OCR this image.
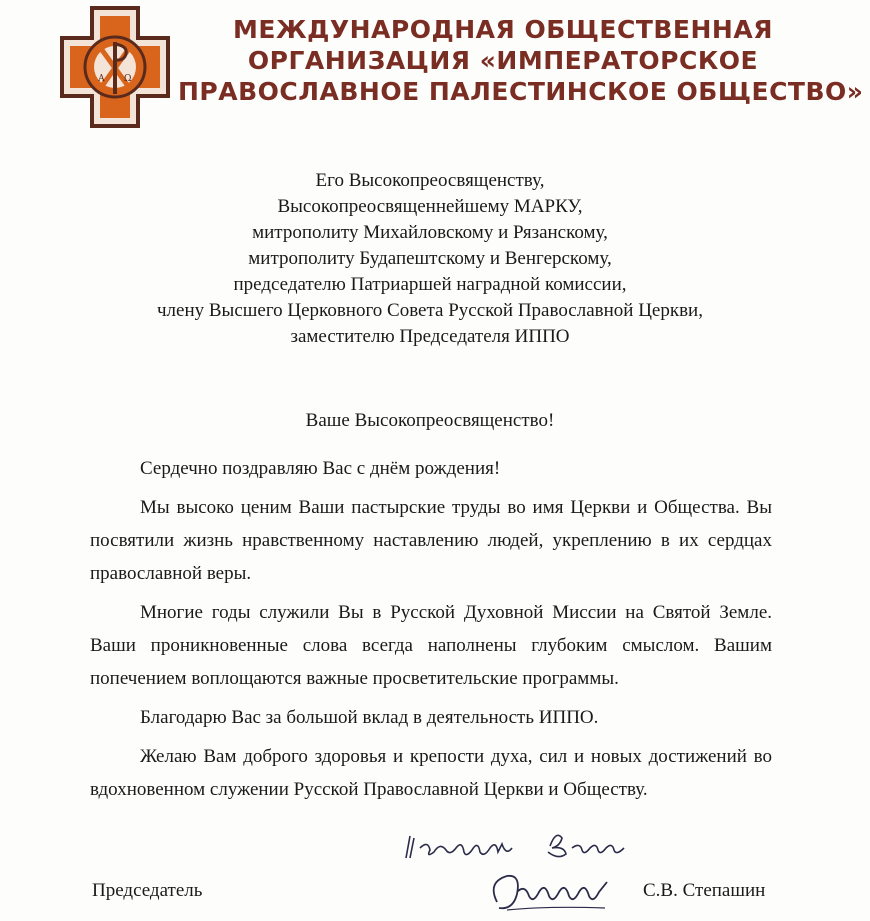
А Ω
МЕЖДУНАРОДНАЯ ОБЩЕСТВЕННАЯ
ОРГАНИЗАЦИЯ «ИМПЕРАТОРСКОЕ
ПРАВОСЛАВНОЕ ПАЛЕСТИНСКОЕ ОБЩЕСТВО»
Его Высокопреосвященству,
Высокопреосвященнейшему МАРКУ,
митрополиту Михайловскому и Рязанскому,
митрополиту Будапештскому и Венгерскому,
председателю Патриаршей наградной комиссии,
члену Высшего Церковного Совета Русской Православной Церкви,
заместителю Председателя ИППО
Ваше Высокопреосвященство!

Сердечно поздравляю Вас с днём рождения!

Мы высоко ценим Ваши пастырские труды во имя Церкви и Общества. Вы посвятили жизнь нравственному наставлению людей, укреплению в их сердцах православной веры.

Многие годы служили Вы в Русской Духовной Миссии на Святой Земле. Ваши проникновенные слова всегда наполнены глубоким смыслом. Вашим попечением воплощаются важные просветительские программы.

Благодарю Вас за большой вклад в деятельность ИППО.

Желаю Вам доброго здоровья и крепости духа, сил и новых достижений во вдохновенном служении Русской Православной Церкви и Обществу.

Председатель	С.В. Степашин
